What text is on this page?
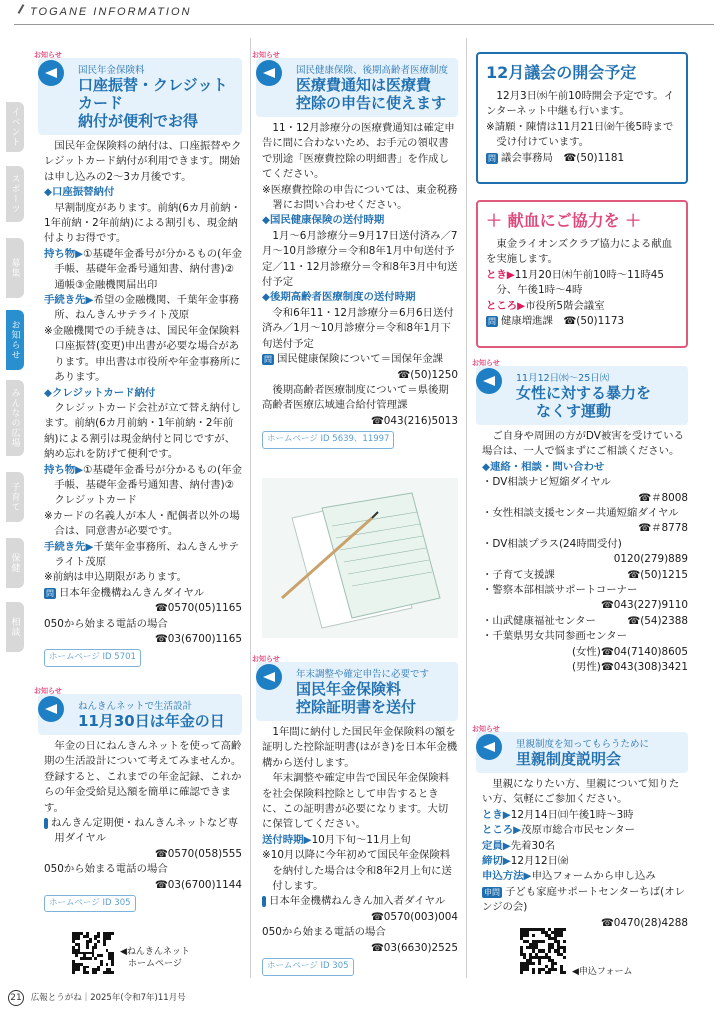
TOGANE INFORMATION
イベント
スポーツ
募集
お知らせ
みんなの広場
子育て
保健
相談
お知らせ
国民年金保険料
口座振替・クレジットカード
納付が便利でお得

国民年金保険料の納付は、口座振替やクレジットカード納付が利用できます。開始は申し込みの2～3カ月後です。

◆口座振替納付

早割制度があります。前納(6カ月前納・1年前納・2年前納)による割引も、現金納付よりお得です。

持ち物▶①基礎年金番号が分かるもの(年金手帳、基礎年金番号通知書、納付書)②通帳③金融機関届出印

手続き先▶希望の金融機関、千葉年金事務所、ねんきんサテライト茂原

※金融機関での手続きは、国民年金保険料口座振替(変更)申出書が必要な場合があります。申出書は市役所や年金事務所にあります。

◆クレジットカード納付

クレジットカード会社が立て替え納付します。前納(6カ月前納・1年前納・2年前納)による割引は現金納付と同じですが、納め忘れを防げて便利です。

持ち物▶①基礎年金番号が分かるもの(年金手帳、基礎年金番号通知書、納付書)②クレジットカード

※カードの名義人が本人・配偶者以外の場合は、同意書が必要です。

手続き先▶千葉年金事務所、ねんきんサテライト茂原

※前納は申込期限があります。

問 日本年金機構ねんきんダイヤル

☎0570(05)1165

050から始まる電話の場合

☎03(6700)1165

ホームページ ID 5701
お知らせ
ねんきんネットで生活設計
11月30日は年金の日

年金の日にねんきんネットを使って高齢期の生活設計について考えてみませんか。登録すると、これまでの年金記録、これからの年金受給見込額を簡単に確認できます。

問 ねんきん定期便・ねんきんネットなど専用ダイヤル

☎0570(058)555

050から始まる電話の場合

☎03(6700)1144

ホームページ ID 305
◀ねんきんネット
ホームページ
お知らせ
国民健康保険、後期高齢者医療制度
医療費通知は医療費
控除の申告に使えます

11・12月診療分の医療費通知は確定申告に間に合わないため、お手元の領収書で別途「医療費控除の明細書」を作成してください。

※医療費控除の申告については、東金税務署にお問い合わせください。

◆国民健康保険の送付時期

1月～6月診療分＝9月17日送付済み／7月～10月診療分＝令和8年1月中旬送付予定／11・12月診療分＝令和8年3月中旬送付予定

◆後期高齢者医療制度の送付時期

令和6年11・12月診療分＝6月6日送付済み／1月～10月診療分＝令和8年1月下旬送付予定

問 国民健康保険について＝国保年金課

☎(50)1250

後期高齢者医療制度について＝県後期高齢者医療広域連合給付管理課

☎043(216)5013

ホームページ ID 5639、11997
お知らせ
年末調整や確定申告に必要です
国民年金保険料
控除証明書を送付

1年間に納付した国民年金保険料の額を証明した控除証明書(はがき)を日本年金機構から送付します。

年末調整や確定申告で国民年金保険料を社会保険料控除として申告するときに、この証明書が必要になります。大切に保管してください。

送付時期▶10月下旬～11月上旬

※10月以降に今年初めて国民年金保険料を納付した場合は令和8年2月上旬に送付します。

問 日本年金機構ねんきん加入者ダイヤル

☎0570(003)004

050から始まる電話の場合

☎03(6630)2525

ホームページ ID 305
12月議会の開会予定

12月3日㈬午前10時開会予定です。インターネット中継も行います。

※請願・陳情は11月21日㈮午後5時まで受け付けています。

問 議会事務局　 ☎(50)1181

＋ 献血にご協力を ＋

東金ライオンズクラブ協力による献血を実施します。

とき▶11月20日㈭午前10時～11時45分、午後1時～4時

ところ▶市役所5階会議室

問 健康増進課　 ☎(50)1173

お知らせ
11月12日㈬～25日㈫
女性に対する暴力を
なくす運動

ご自身や周囲の方がDV被害を受けている場合は、一人で悩まずにご相談ください。

◆連絡・相談・問い合わせ

・DV相談ナビ短縮ダイヤル

☎＃8008

・女性相談支援センター共通短縮ダイヤル

☎＃8778

・DV相談プラス(24時間受付)

0120(279)889

・子育て支援課	☎(50)1215

・警察本部相談サポートコーナー

☎043(227)9110

・山武健康福祉センター	☎(54)2388

・千葉県男女共同参画センター

(女性)☎04(7140)8605

(男性)☎043(308)3421

お知らせ
里親制度を知ってもらうために
里親制度説明会

里親になりたい方、里親について知りたい方、気軽にご参加ください。

とき▶12月14日㈰午後1時～3時

ところ▶茂原市総合市民センター

定員▶先着30名

締切▶12月12日㈮

申込方法▶申込フォームから申し込み

申問 子ども家庭サポートセンターちば(オレンジの会)

☎0470(28)4288

◀申込フォーム
21 広報とうがね｜2025年(令和7年)11月号
